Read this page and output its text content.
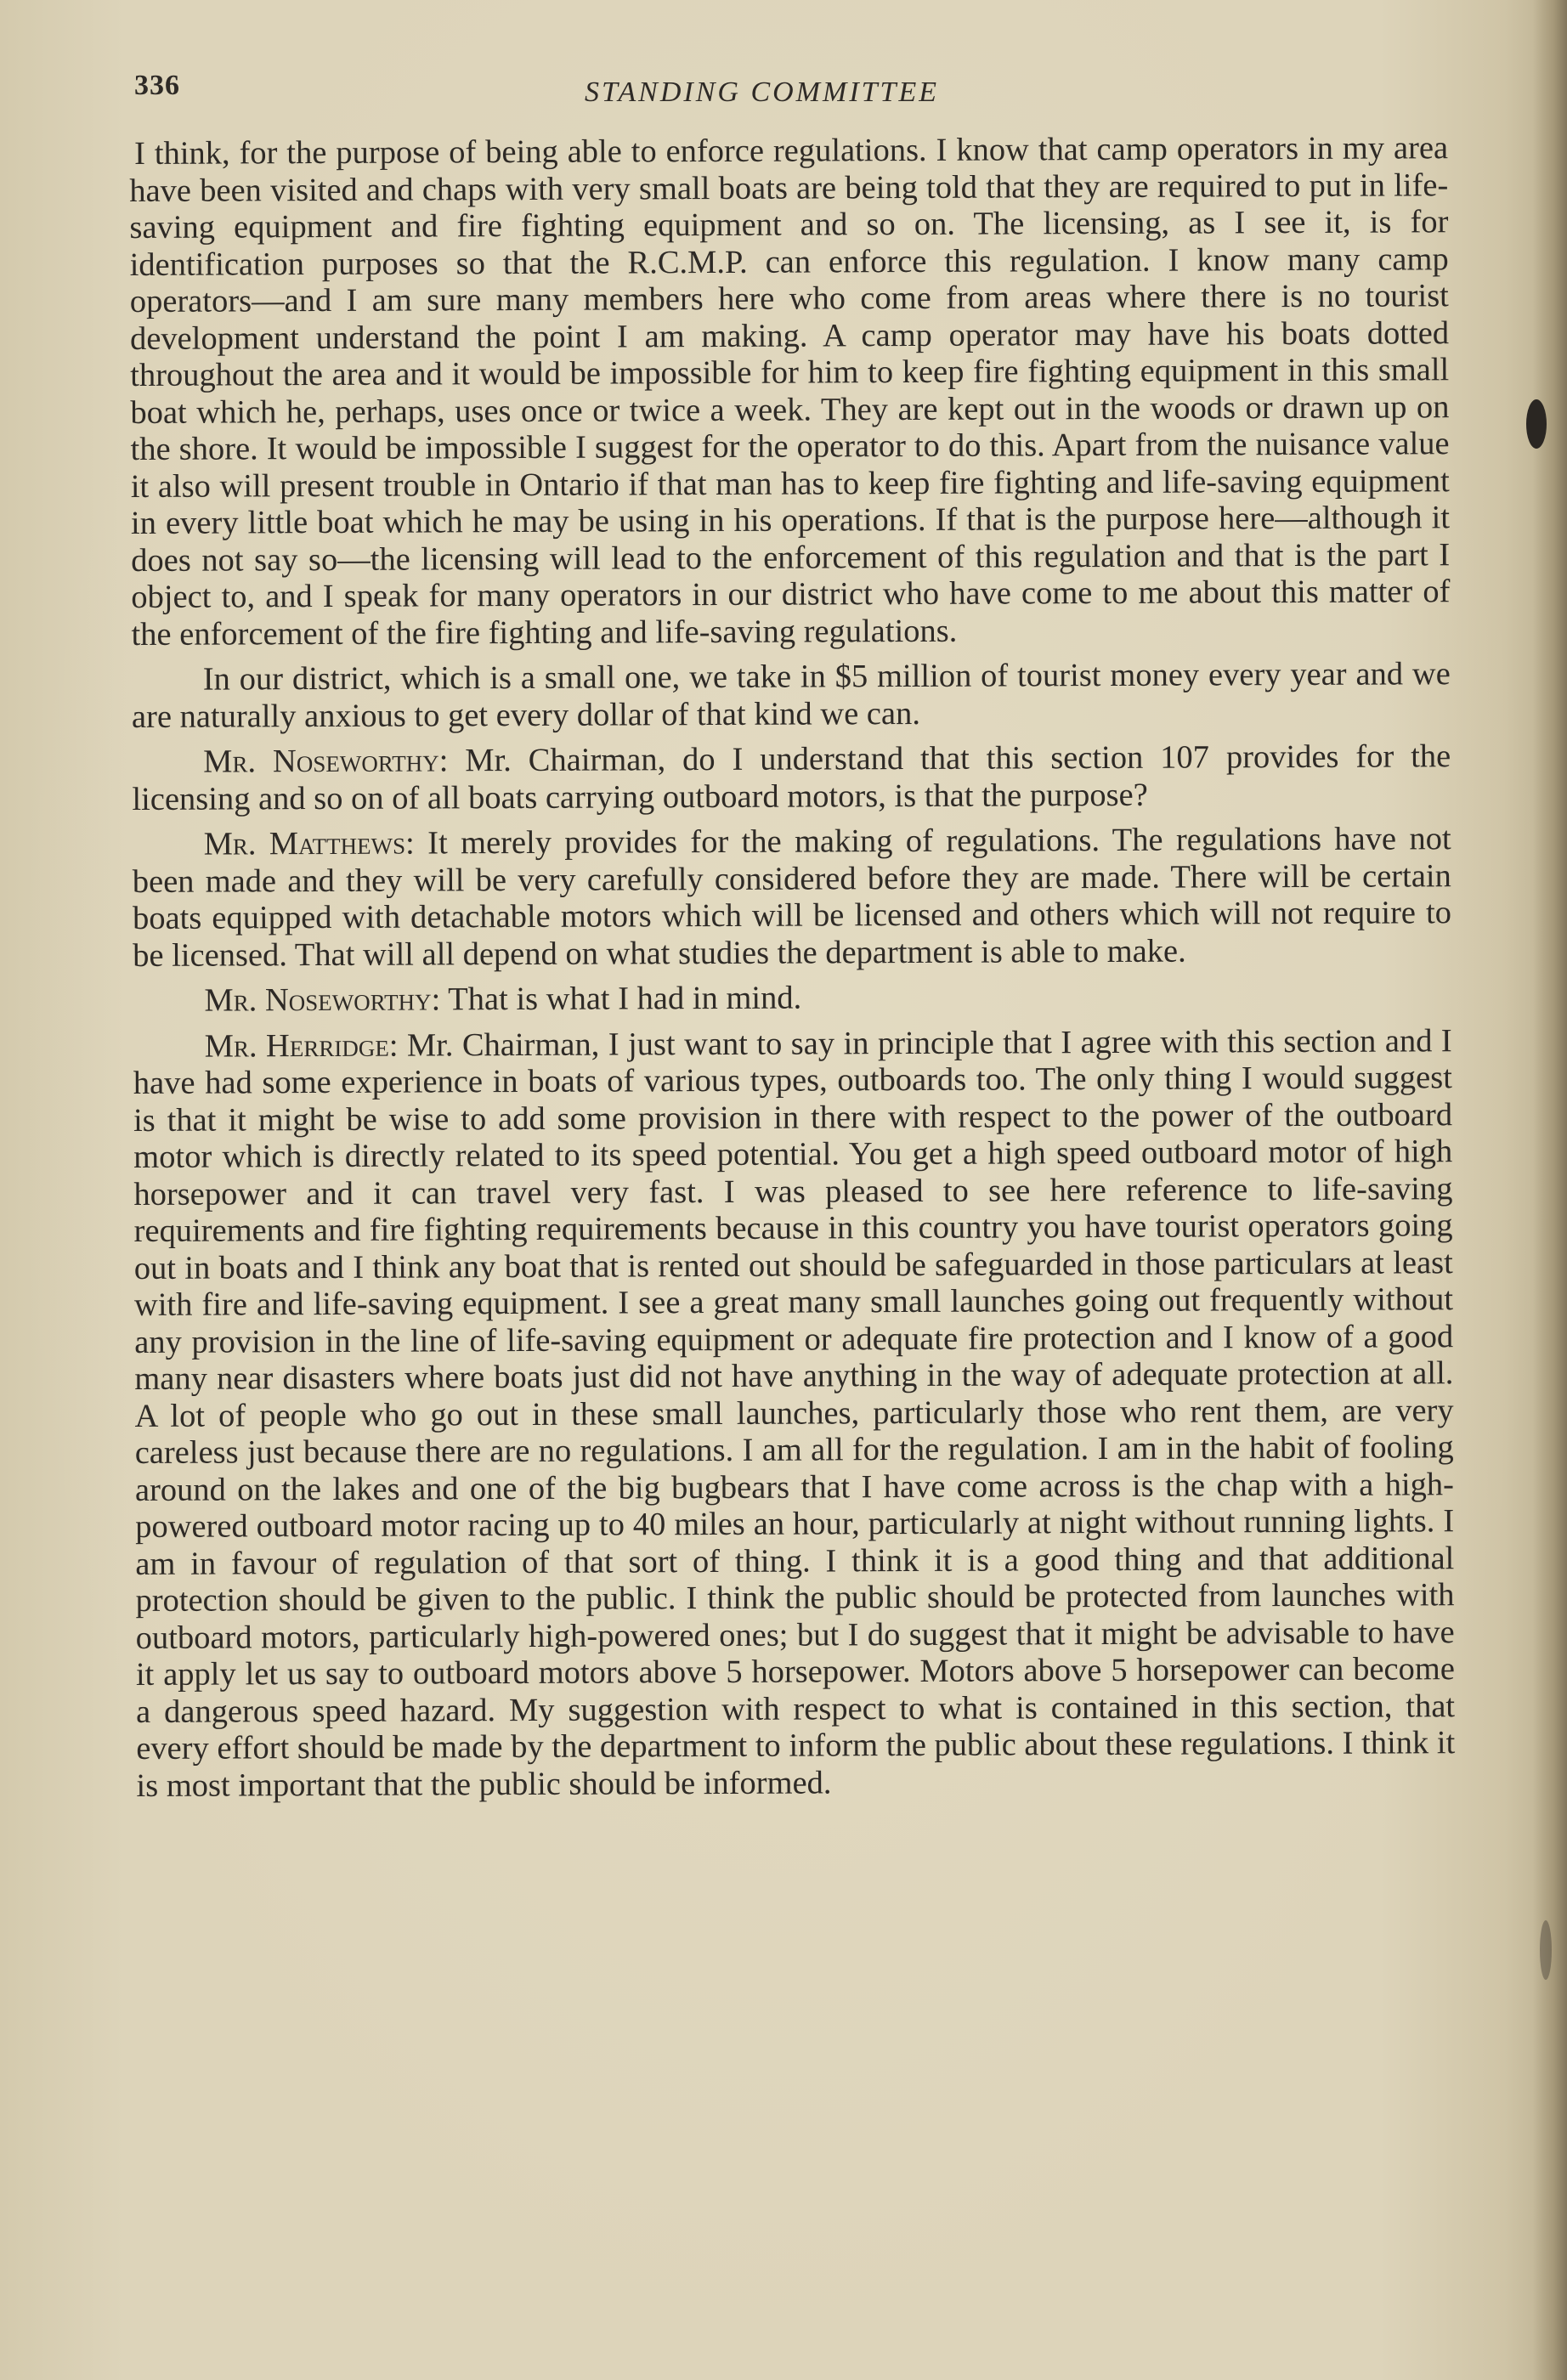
336	STANDING COMMITTEE

I think, for the purpose of being able to enforce regulations. I know that camp operators in my area have been visited and chaps with very small boats are being told that they are required to put in life-saving equipment and fire fighting equipment and so on. The licensing, as I see it, is for identification purposes so that the R.C.M.P. can enforce this regulation. I know many camp operators—and I am sure many members here who come from areas where there is no tourist development understand the point I am making. A camp operator may have his boats dotted throughout the area and it would be impossible for him to keep fire fighting equipment in this small boat which he, perhaps, uses once or twice a week. They are kept out in the woods or drawn up on the shore. It would be impossible I suggest for the operator to do this. Apart from the nuisance value it also will present trouble in Ontario if that man has to keep fire fighting and life-saving equipment in every little boat which he may be using in his operations. If that is the purpose here—although it does not say so—the licensing will lead to the enforcement of this regulation and that is the part I object to, and I speak for many operators in our district who have come to me about this matter of the enforcement of the fire fighting and life-saving regulations.

In our district, which is a small one, we take in $5 million of tourist money every year and we are naturally anxious to get every dollar of that kind we can.

Mr. Noseworthy: Mr. Chairman, do I understand that this section 107 provides for the licensing and so on of all boats carrying outboard motors, is that the purpose?

Mr. Matthews: It merely provides for the making of regulations. The regulations have not been made and they will be very carefully considered before they are made. There will be certain boats equipped with detachable motors which will be licensed and others which will not require to be licensed. That will all depend on what studies the department is able to make.

Mr. Noseworthy: That is what I had in mind.

Mr. Herridge: Mr. Chairman, I just want to say in principle that I agree with this section and I have had some experience in boats of various types, outboards too. The only thing I would suggest is that it might be wise to add some provision in there with respect to the power of the outboard motor which is directly related to its speed potential. You get a high speed outboard motor of high horsepower and it can travel very fast. I was pleased to see here reference to life-saving requirements and fire fighting requirements because in this country you have tourist operators going out in boats and I think any boat that is rented out should be safeguarded in those particulars at least with fire and life-saving equipment. I see a great many small launches going out frequently without any provision in the line of life-saving equipment or adequate fire protection and I know of a good many near disasters where boats just did not have anything in the way of adequate protection at all. A lot of people who go out in these small launches, particularly those who rent them, are very careless just because there are no regulations. I am all for the regulation. I am in the habit of fooling around on the lakes and one of the big bugbears that I have come across is the chap with a high-powered outboard motor racing up to 40 miles an hour, particularly at night without running lights. I am in favour of regulation of that sort of thing. I think it is a good thing and that additional protection should be given to the public. I think the public should be protected from launches with outboard motors, particularly high-powered ones; but I do suggest that it might be advisable to have it apply let us say to outboard motors above 5 horsepower. Motors above 5 horsepower can become a dangerous speed hazard. My suggestion with respect to what is contained in this section, that every effort should be made by the department to inform the public about these regulations. I think it is most important that the public should be informed.
